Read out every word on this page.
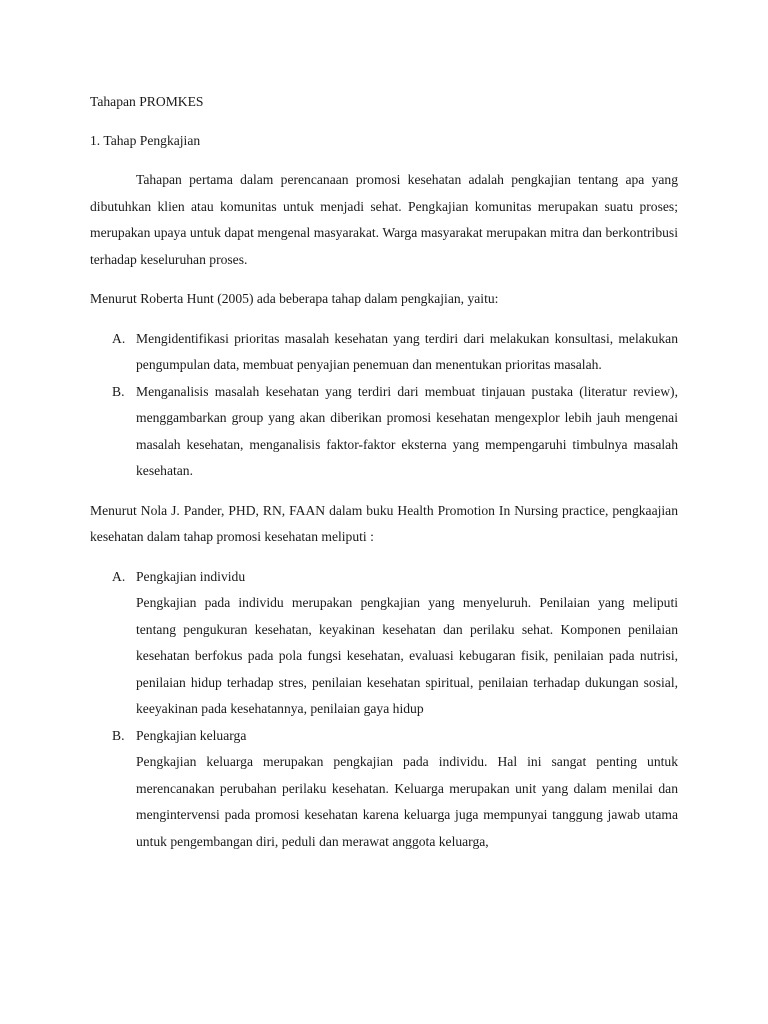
Tahapan PROMKES

1. Tahap Pengkajian

Tahapan pertama dalam perencanaan promosi kesehatan adalah pengkajian tentang apa yang dibutuhkan klien atau komunitas untuk menjadi sehat. Pengkajian komunitas merupakan suatu proses; merupakan upaya untuk dapat mengenal masyarakat. Warga masyarakat merupakan mitra dan berkontribusi terhadap keseluruhan proses.

Menurut Roberta Hunt (2005) ada beberapa tahap dalam pengkajian, yaitu:

A. Mengidentifikasi prioritas masalah kesehatan yang terdiri dari melakukan konsultasi, melakukan pengumpulan data, membuat penyajian penemuan dan menentukan prioritas masalah.
B. Menganalisis masalah kesehatan yang terdiri dari membuat tinjauan pustaka (literatur review), menggambarkan group yang akan diberikan promosi kesehatan mengexplor lebih jauh mengenai masalah kesehatan, menganalisis faktor-faktor eksterna yang mempengaruhi timbulnya masalah kesehatan.

Menurut Nola J. Pander, PHD, RN, FAAN dalam buku Health Promotion In Nursing practice, pengkaajian kesehatan dalam tahap promosi kesehatan meliputi :

A. Pengkajian individu
Pengkajian pada individu merupakan pengkajian yang menyeluruh. Penilaian yang meliputi tentang pengukuran kesehatan, keyakinan kesehatan dan perilaku sehat. Komponen penilaian kesehatan berfokus pada pola fungsi kesehatan, evaluasi kebugaran fisik, penilaian pada nutrisi, penilaian hidup terhadap stres, penilaian kesehatan spiritual, penilaian terhadap dukungan sosial, keeyakinan pada kesehatannya, penilaian gaya hidup
B. Pengkajian keluarga
Pengkajian keluarga merupakan pengkajian pada individu. Hal ini sangat penting untuk merencanakan perubahan perilaku kesehatan. Keluarga merupakan unit yang dalam menilai dan mengintervensi pada promosi kesehatan karena keluarga juga mempunyai tanggung jawab utama untuk pengembangan diri, peduli dan merawat anggota keluarga,
